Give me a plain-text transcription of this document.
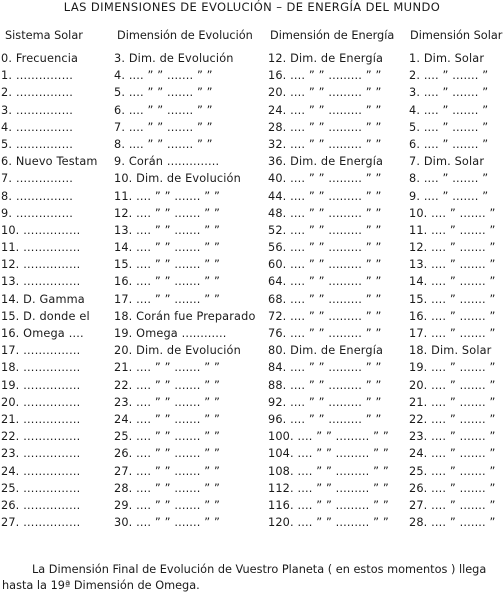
LAS DIMENSIONES DE EVOLUCIÓN – DE ENERGÍA DEL MUNDO
Sistema Solar
0. Frecuencia
1. ……………
2. ……………
3. ……………
4. ……………
5. ……………
6. Nuevo Testam
7. ……………
8. ……………
9. ……………
10. ……………
11. ……………
12. ……………
13. ……………
14. D. Gamma
15. D. donde el
16. Omega ….
17. ……………
18. ……………
19. ……………
20. ……………
21. ……………
22. ……………
23. ……………
24. ……………
25. ……………
26. ……………
27. ……………
Dimensión de Evolución
3. Dim. de Evolución
4. .... ” ” ....... ” ”
5. .... ” ” ....... ” ”
6. .... ” ” ....... ” ”
7. .... ” ” ....... ” ”
8. .... ” ” ....... ” ”
9. Corán ..............
10. Dim. de Evolución
11. .... ” ” ....... ” ”
12. .... ” ” ....... ” ”
13. .... ” ” ....... ” ”
14. .... ” ” ....... ” ”
15. .... ” ” ....... ” ”
16. .... ” ” ....... ” ”
17. .... ” ” ....... ” ”
18. Corán fue Preparado
19. Omega ............
20. Dim. de Evolución
21. .... ” ” ....... ” ”
22. .... ” ” ....... ” ”
23. .... ” ” ....... ” ”
24. .... ” ” ....... ” ”
25. .... ” ” ....... ” ”
26. .... ” ” ....... ” ”
27. .... ” ” ....... ” ”
28. .... ” ” ....... ” ”
29. .... ” ” ....... ” ”
30. .... ” ” ....... ” ”
Dimensión de Energía
12. Dim. de Energía
16. .... ” ” ......... ” ”
20. .... ” ” ......... ” ”
24. .... ” ” ......... ” ”
28. .... ” ” ......... ” ”
32. .... ” ” ......... ” ”
36. Dim. de Energía
40. .... ” ” ......... ” ”
44. .... ” ” ......... ” ”
48. .... ” ” ......... ” ”
52. .... ” ” ......... ” ”
56. .... ” ” ......... ” ”
60. .... ” ” ......... ” ”
64. .... ” ” ......... ” ”
68. .... ” ” ......... ” ”
72. .... ” ” ......... ” ”
76. .... ” ” ......... ” ”
80. Dim. de Energía
84. .... ” ” ......... ” ”
88. .... ” ” ......... ” ”
92. .... ” ” ......... ” ”
96. .... ” ” ......... ” ”
100. .... ” ” ......... ” ”
104. .... ” ” ......... ” ”
108. .... ” ” ......... ” ”
112. .... ” ” ......... ” ”
116. .... ” ” ......... ” ”
120. .... ” ” ......... ” ”
Dimensión Solar
1. Dim. Solar
2. .... ” ....... ”
3. .... ” ....... ”
4. .... ” ....... ”
5. .... ” ....... ”
6. .... ” ....... ”
7. Dim. Solar
8. .... ” ....... ”
9. .... ” ....... ”
10. .... ” ....... ”
11. .... ” ....... ”
12. .... ” ....... ”
13. .... ” ....... ”
14. .... ” ....... ”
15. .... ” ....... ”
16. .... ” ....... ”
17. .... ” ....... ”
18. Dim. Solar
19. .... ” ....... ”
20. .... ” ....... ”
21. .... ” ....... ”
22. .... ” ....... ”
23. .... ” ....... ”
24. .... ” ....... ”
25. .... ” ....... ”
26. .... ” ....... ”
27. .... ” ....... ”
28. .... ” ....... ”
La Dimensión Final de Evolución de Vuestro Planeta ( en estos momentos ) llega
hasta la 19ª Dimensión de Omega.
